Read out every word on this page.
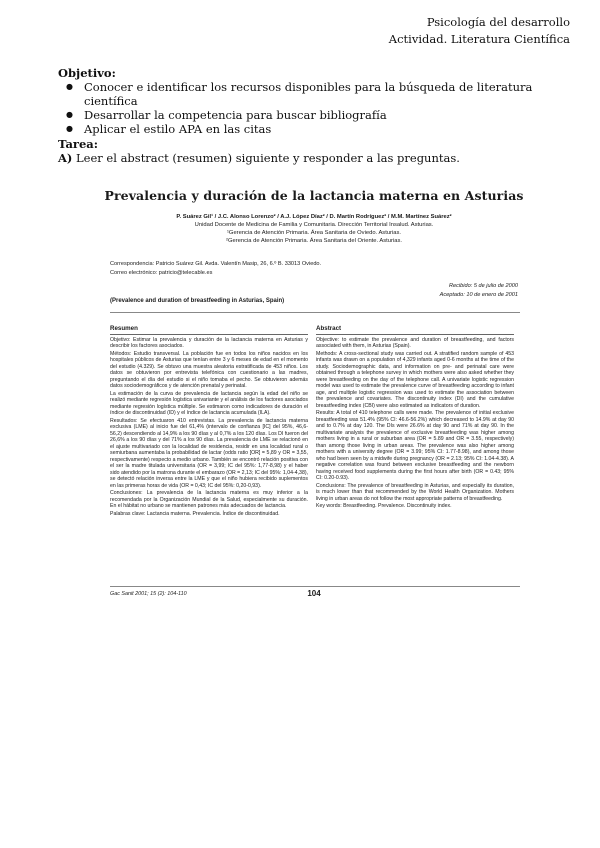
Psicología del desarrollo
Actividad. Literatura Científica
Objetivo:
● Conocer e identificar los recursos disponibles para la búsqueda de literatura científica
● Desarrollar la competencia para buscar bibliografía
● Aplicar el estilo APA en las citas
Tarea:
A) Leer el abstract (resumen) siguiente y responder a las preguntas.
Prevalencia y duración de la lactancia materna en Asturias
P. Suárez Gil¹ / J.C. Alonso Lorenzo² / A.J. López Díaz² / D. Martín Rodríguez² / M.M. Martínez Suárez²
Unidad Docente de Medicina de Familia y Comunitaria. Dirección Territorial Insalud. Asturias.
¹Gerencia de Atención Primaria. Área Sanitaria de Oviedo. Asturias.
²Gerencia de Atención Primaria. Área Sanitaria del Oriente. Asturias.
Correspondencia: Patricio Suárez Gil. Avda. Valentín Masip, 26, 6.º B. 33013 Oviedo.
Correo electrónico: patricio@telecable.es
Recibido: 5 de julio de 2000
Aceptado: 10 de enero de 2001
(Prevalence and duration of breastfeeding in Asturias, Spain)
Resumen

Objetivo: Estimar la prevalencia y duración de la lactancia materna en Asturias y describir los factores asociados.

Métodos: Estudio transversal. La población fue en todos los niños nacidos en los hospitales públicos de Asturias que tenían entre 3 y 6 meses de edad en el momento del estudio (4.329). Se obtuvo una muestra aleatoria estratificada de 453 niños. Los datos se obtuvieron por entrevista telefónica con cuestionario a las madres, preguntando el día del estudio si el niño tomaba el pecho. Se obtuvieron además datos sociodemográficos y de atención prenatal y perinatal.

La estimación de la curva de prevalencia de lactancia según la edad del niño se realizó mediante regresión logística univariante y el análisis de los factores asociados mediante regresión logística múltiple. Se estimaron como indicadores de duración el índice de discontinuidad (ID) y el índice de lactancia acumulada (ILA).

Resultados: Se efectuaron 410 entrevistas. La prevalencia de lactancia materna exclusiva (LME) al inicio fue del 61,4% (intervalo de confianza [IC] del 95%, 46,6-56,2) descendiendo al 14,9% a los 90 días y al 0,7% a los 120 días. Los DI fueron del 26,6% a los 90 días y del 71% a los 90 días. La prevalencia de LME se relacionó en el ajuste multivariado con la localidad de residencia, residir en una localidad rural o semiurbana aumentaba la probabilidad de lactar (odds ratio [OR] = 5,89 y OR = 3,55, respectivamente) respecto a medio urbano. También se encontró relación positiva con el ser la madre titulada universitaria (OR = 3,99; IC del 95%: 1,77-8,98) y el haber sido atendido por la matrona durante el embarazo (OR = 2,13; IC del 95%: 1,04-4,38), se detectó relación inversa entre la LME y que el niño hubiera recibido suplementos en las primeras horas de vida (OR = 0,43; IC del 95%: 0,20-0,93).

Conclusiones: La prevalencia de la lactancia materna es muy inferior a la recomendada por la Organización Mundial de la Salud, especialmente su duración. En el hábitat no urbano se mantienen patrones más adecuados de lactancia.

Palabras clave: Lactancia materna. Prevalencia. Índice de discontinuidad.

Abstract

Objective: to estimate the prevalence and duration of breastfeeding, and factors associated with them, in Asturias (Spain).

Methods: A cross-sectional study was carried out. A stratified random sample of 453 infants was drawn on a population of 4,329 infants aged 0-6 months at the time of the study. Sociodemographic data, and information on pre- and perinatal care were obtained through a telephone survey in which mothers were also asked whether they were breastfeeding on the day of the telephone call. A univariate logistic regression model was used to estimate the prevalence curve of breastfeeding according to infant age, and multiple logistic regression was used to estimate the association between the prevalence and covariates. The discontinuity index (DI) and the cumulative breastfeeding index (CBI) were also estimated as indicators of duration.

Results: A total of 410 telephone calls were made. The prevalence of initial exclusive breastfeeding was 51.4% (95% CI: 46.6-56.2%) which decreased to 14.9% at day 90 and to 0.7% at day 120. The DIs were 26.6% at day 90 and 71% at day 90. In the multivariate analysis the prevalence of exclusive breastfeeding was higher among mothers living in a rural or suburban area (OR = 5.89 and OR = 3.55, respectively) than among those living in urban areas. The prevalence was also higher among mothers with a university degree (OR = 3.99; 95% CI: 1.77-8.98), and among those who had been seen by a midwife during pregnancy (OR = 2.13; 95% CI: 1.04-4.38). A negative correlation was found between exclusive breastfeeding and the newborn having received food supplements during the first hours after birth (OR = 0.43; 95% CI: 0.20-0.93).

Conclusions: The prevalence of breastfeeding in Asturias, and especially its duration, is much lower than that recommended by the World Health Organization. Mothers living in urban areas do not follow the most appropriate patterns of breastfeeding.

Key words: Breastfeeding. Prevalence. Discontinuity index.

Gac Sanit 2001; 15 (2): 104-110	104
